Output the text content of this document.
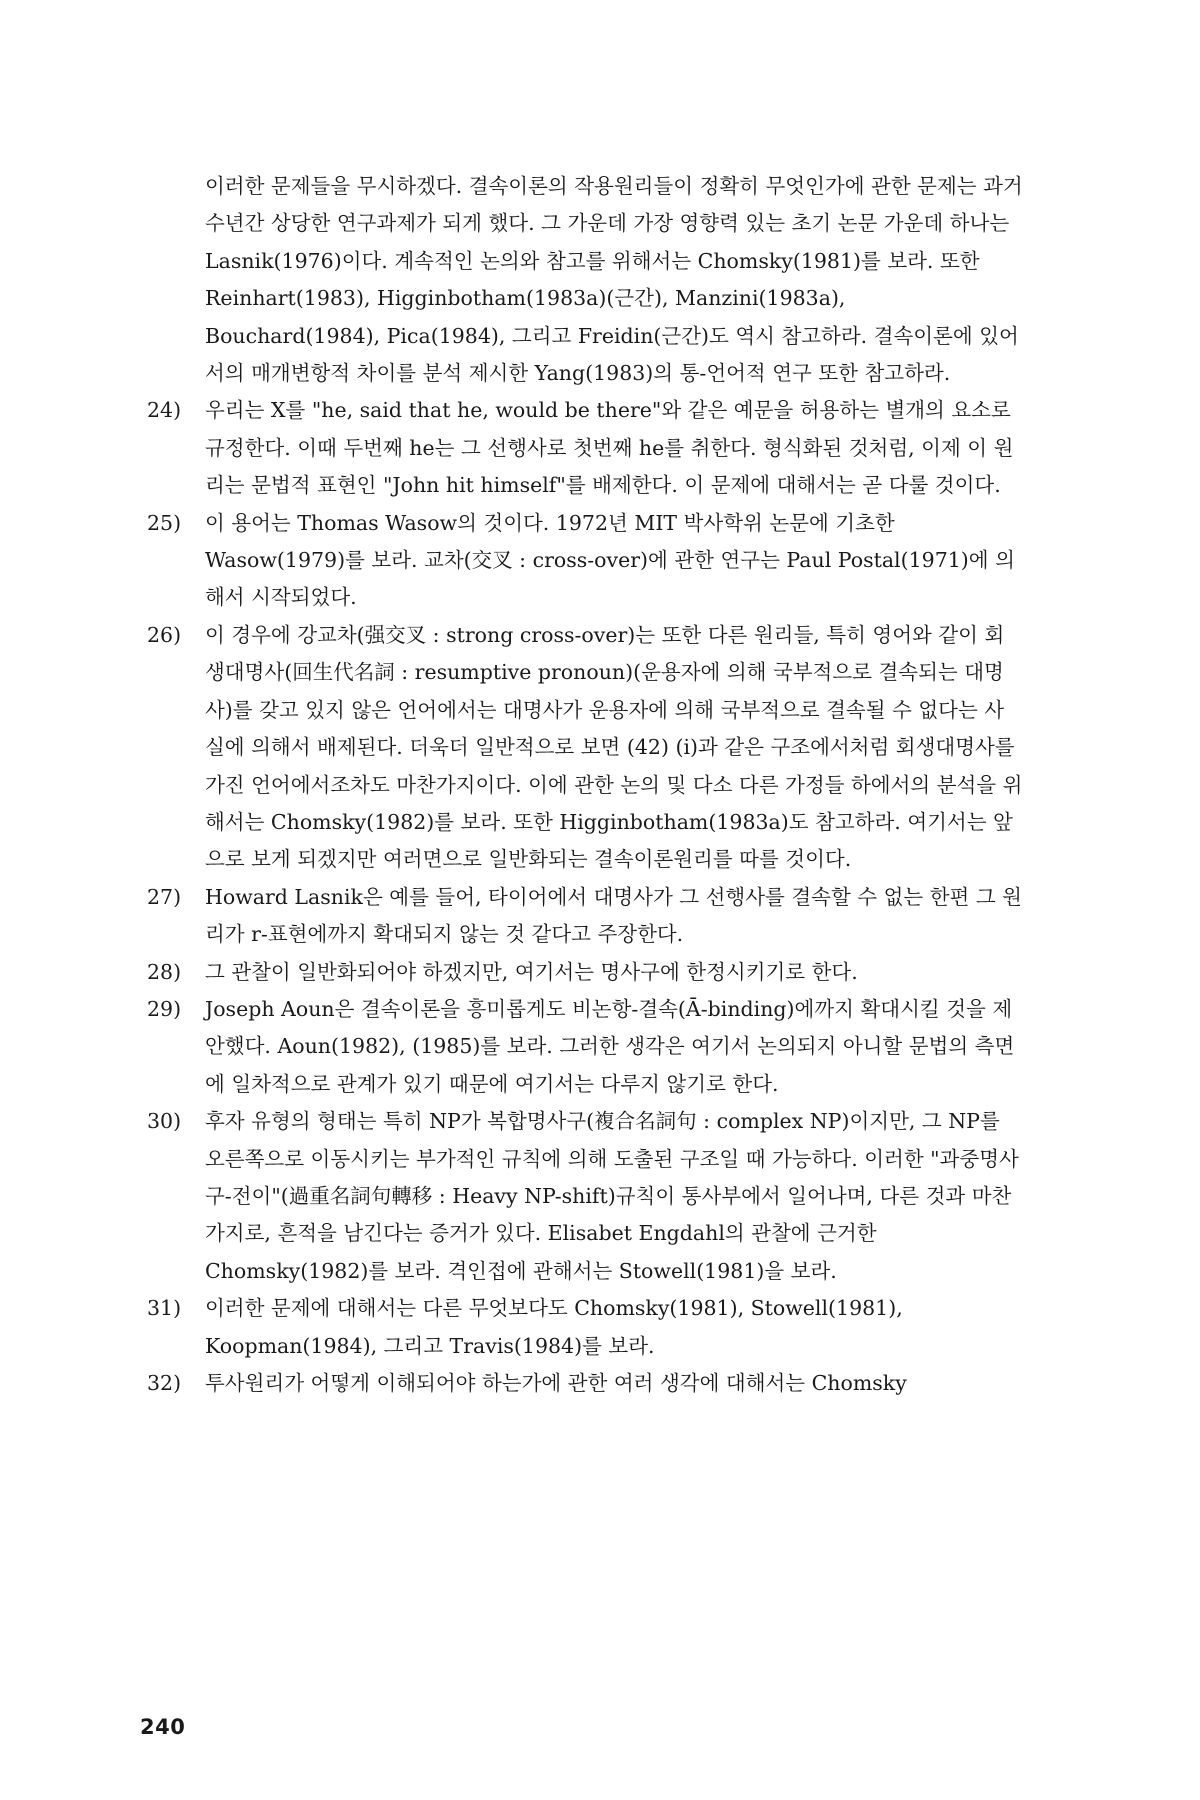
이러한 문제들을 무시하겠다. 결속이론의 작용원리들이 정확히 무엇인가에 관한 문제는 과거 수년간 상당한 연구과제가 되게 했다. 그 가운데 가장 영향력 있는 초기 논문 가운데 하나는 Lasnik(1976)이다. 계속적인 논의와 참고를 위해서는 Chomsky(1981)를 보라. 또한 Reinhart(1983), Higginbotham(1983a)(근간), Manzini(1983a), Bouchard(1984), Pica(1984), 그리고 Freidin(근간)도 역시 참고하라. 결속이론에 있어서의 매개변항적 차이를 분석 제시한 Yang(1983)의 통-언어적 연구 또한 참고하라.

24)	우리는 X를 "he, said that he, would be there"와 같은 예문을 허용하는 별개의 요소로 규정한다. 이때 두번째 he는 그 선행사로 첫번째 he를 취한다. 형식화된 것처럼, 이제 이 원리는 문법적 표현인 "John hit himself"를 배제한다. 이 문제에 대해서는 곧 다룰 것이다.
25)	이 용어는 Thomas Wasow의 것이다. 1972년 MIT 박사학위 논문에 기초한 Wasow(1979)를 보라. 교차(交叉 : cross-over)에 관한 연구는 Paul Postal(1971)에 의해서 시작되었다.
26)	이 경우에 강교차(强交叉 : strong cross-over)는 또한 다른 원리들, 특히 영어와 같이 회생대명사(回生代名詞 : resumptive pronoun)(운용자에 의해 국부적으로 결속되는 대명사)를 갖고 있지 않은 언어에서는 대명사가 운용자에 의해 국부적으로 결속될 수 없다는 사실에 의해서 배제된다. 더욱더 일반적으로 보면 (42) (i)과 같은 구조에서처럼 회생대명사를 가진 언어에서조차도 마찬가지이다. 이에 관한 논의 및 다소 다른 가정들 하에서의 분석을 위해서는 Chomsky(1982)를 보라. 또한 Higginbotham(1983a)도 참고하라. 여기서는 앞으로 보게 되겠지만 여러면으로 일반화되는 결속이론원리를 따를 것이다.
27)	Howard Lasnik은 예를 들어, 타이어에서 대명사가 그 선행사를 결속할 수 없는 한편 그 원리가 r-표현에까지 확대되지 않는 것 같다고 주장한다.
28)	그 관찰이 일반화되어야 하겠지만, 여기서는 명사구에 한정시키기로 한다.
29)	Joseph Aoun은 결속이론을 흥미롭게도 비논항-결속(Ā-binding)에까지 확대시킬 것을 제안했다. Aoun(1982), (1985)를 보라. 그러한 생각은 여기서 논의되지 아니할 문법의 측면에 일차적으로 관계가 있기 때문에 여기서는 다루지 않기로 한다.
30)	후자 유형의 형태는 특히 NP가 복합명사구(複合名詞句 : complex NP)이지만, 그 NP를 오른쪽으로 이동시키는 부가적인 규칙에 의해 도출된 구조일 때 가능하다. 이러한 "과중명사구-전이"(過重名詞句轉移 : Heavy NP-shift)규칙이 통사부에서 일어나며, 다른 것과 마찬가지로, 흔적을 남긴다는 증거가 있다. Elisabet Engdahl의 관찰에 근거한 Chomsky(1982)를 보라. 격인접에 관해서는 Stowell(1981)을 보라.
31)	이러한 문제에 대해서는 다른 무엇보다도 Chomsky(1981), Stowell(1981), Koopman(1984), 그리고 Travis(1984)를 보라.
32)	투사원리가 어떻게 이해되어야 하는가에 관한 여러 생각에 대해서는 Chomsky
240
